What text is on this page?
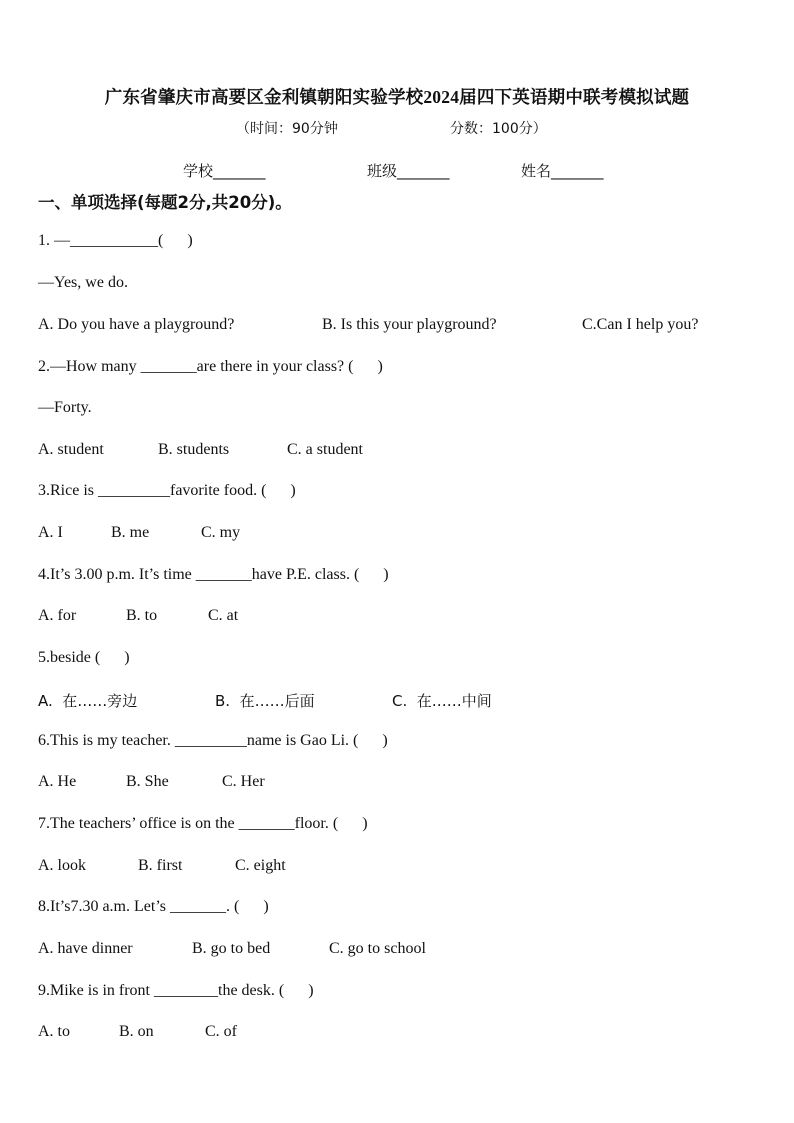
广东省肇庆市高要区金利镇朝阳实验学校2024届四下英语期中联考模拟试题
（时间：90分钟	分数：100分）
学校_______	班级_______	姓名_______
一、单项选择(每题2分,共20分)。
1. —___________(      )
—Yes, we do.
A. Do you have a playground?	B. Is this your playground?	C.Can I help you?
2.—How many _______are there in your class? (      )
—Forty.
A. student	B. students	C. a student
3.Rice is _________favorite food. (      )
A. I	B. me	C. my
4.It’s 3.00 p.m. It’s time _______have P.E. class. (      )
A. for	B. to	C. at
5.beside (      )
A.  在……旁边	B.  在……后面	C.  在……中间
6.This is my teacher. _________name is Gao Li. (      )
A. He	B. She	C. Her
7.The teachers’ office is on the _______floor. (      )
A. look	B. first	C. eight
8.It’s7.30 a.m. Let’s _______. (      )
A. have dinner	B. go to bed	C. go to school
9.Mike is in front ________the desk. (      )
A. to	B. on	C. of
